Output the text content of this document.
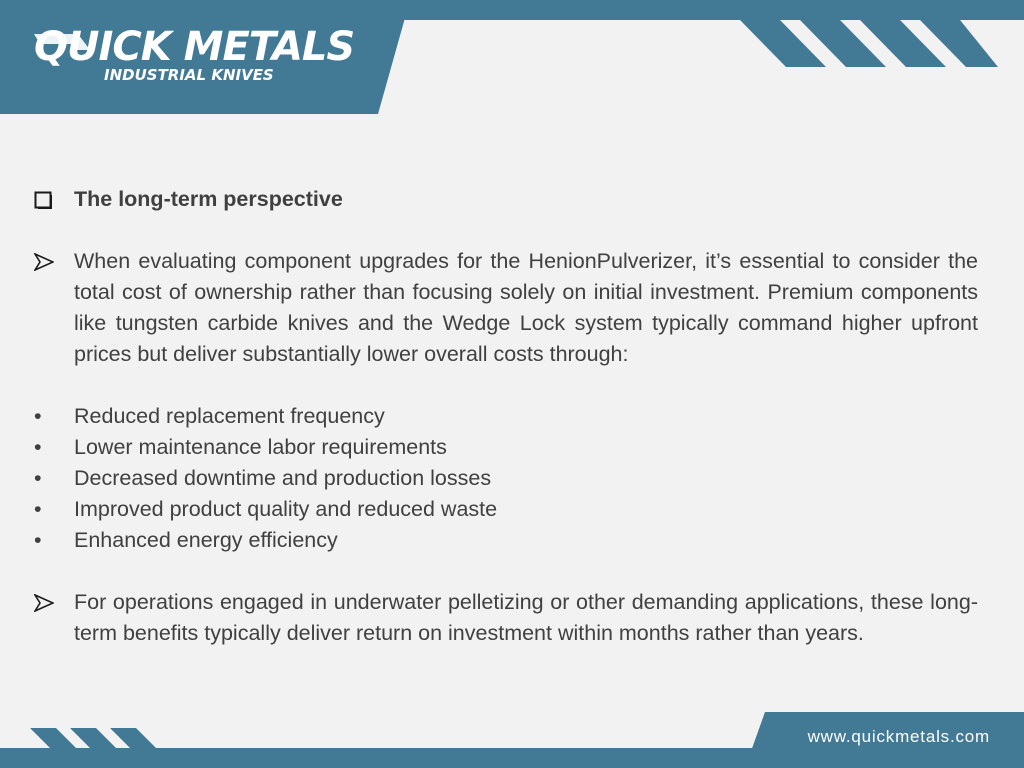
QUICK METALS
INDUSTRIAL KNIVES
The long-term perspective
When evaluating component upgrades for the HenionPulverizer, it’s essential to consider the total cost of ownership rather than focusing solely on initial investment. Premium components like tungsten carbide knives and the Wedge Lock system typically command higher upfront prices but deliver substantially lower overall costs through:
•	Reduced replacement frequency
•	Lower maintenance labor requirements
•	Decreased downtime and production losses
•	Improved product quality and reduced waste
•	Enhanced energy efficiency
For operations engaged in underwater pelletizing or other demanding applications, these long-term benefits typically deliver return on investment within months rather than years.
www.quickmetals.com
